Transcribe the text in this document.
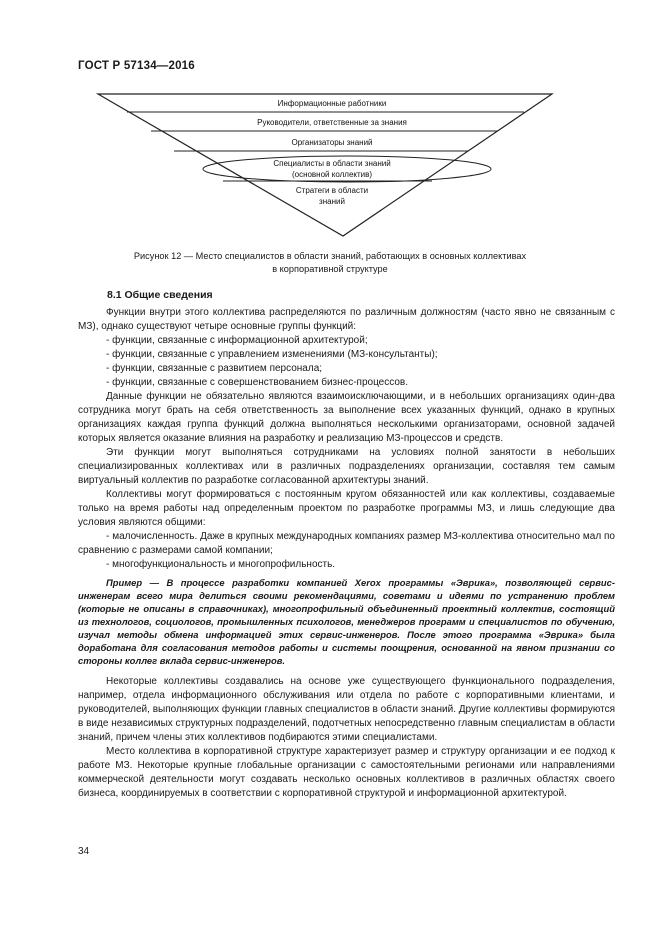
ГОСТ Р 57134—2016
Информационные работники
Руководители, ответственные за знания
Организаторы знаний
Специалисты в области знаний
(основной коллектив)
Стратеги в области
знаний
Рисунок 12 — Место специалистов в области знаний, работающих в основных коллективах
в корпоративной структуре
8.1 Общие сведения

Функции внутри этого коллектива распределяются по различным должностям (часто явно не связанным с МЗ), однако существуют четыре основные группы функций:

- функции, связанные с информационной архитектурой;

- функции, связанные с управлением изменениями (МЗ-консультанты);

- функции, связанные с развитием персонала;

- функции, связанные с совершенствованием бизнес-процессов.

Данные функции не обязательно являются взаимоисключающими, и в небольших организациях один-два сотрудника могут брать на себя ответственность за выполнение всех указанных функций, однако в крупных организациях каждая группа функций должна выполняться несколькими организаторами, основной задачей которых является оказание влияния на разработку и реализацию МЗ-процессов и средств.

Эти функции могут выполняться сотрудниками на условиях полной занятости в небольших специализированных коллективах или в различных подразделениях организации, составляя тем самым виртуальный коллектив по разработке согласованной архитектуры знаний.

Коллективы могут формироваться с постоянным кругом обязанностей или как коллективы, создаваемые только на время работы над определенным проектом по разработке программы МЗ, и лишь следующие два условия являются общими:

- малочисленность. Даже в крупных международных компаниях размер МЗ-коллектива относительно мал по сравнению с размерами самой компании;

- многофункциональность и многопрофильность.

Пример — В процессе разработки компанией Xerox программы «Эврика», позволяющей сервис-инженерам всего мира делиться своими рекомендациями, советами и идеями по устранению проблем (которые не описаны в справочниках), многопрофильный объединенный проектный коллектив, состоящий из технологов, социологов, промышленных психологов, менеджеров программ и специалистов по обучению, изучал методы обмена информацией этих сервис-инженеров. После этого программа «Эврика» была доработана для согласования методов работы и системы поощрения, основанной на явном признании со стороны коллег вклада сервис-инженеров.

Некоторые коллективы создавались на основе уже существующего функционального подразделения, например, отдела информационного обслуживания или отдела по работе с корпоративными клиентами, и руководителей, выполняющих функции главных специалистов в области знаний. Другие коллективы формируются в виде независимых структурных подразделений, подотчетных непосредственно главным специалистам в области знаний, причем члены этих коллективов подбираются этими специалистами.

Место коллектива в корпоративной структуре характеризует размер и структуру организации и ее подход к работе МЗ. Некоторые крупные глобальные организации с самостоятельными регионами или направлениями коммерческой деятельности могут создавать несколько основных коллективов в различных областях своего бизнеса, координируемых в соответствии с корпоративной структурой и информационной архитектурой.

34
